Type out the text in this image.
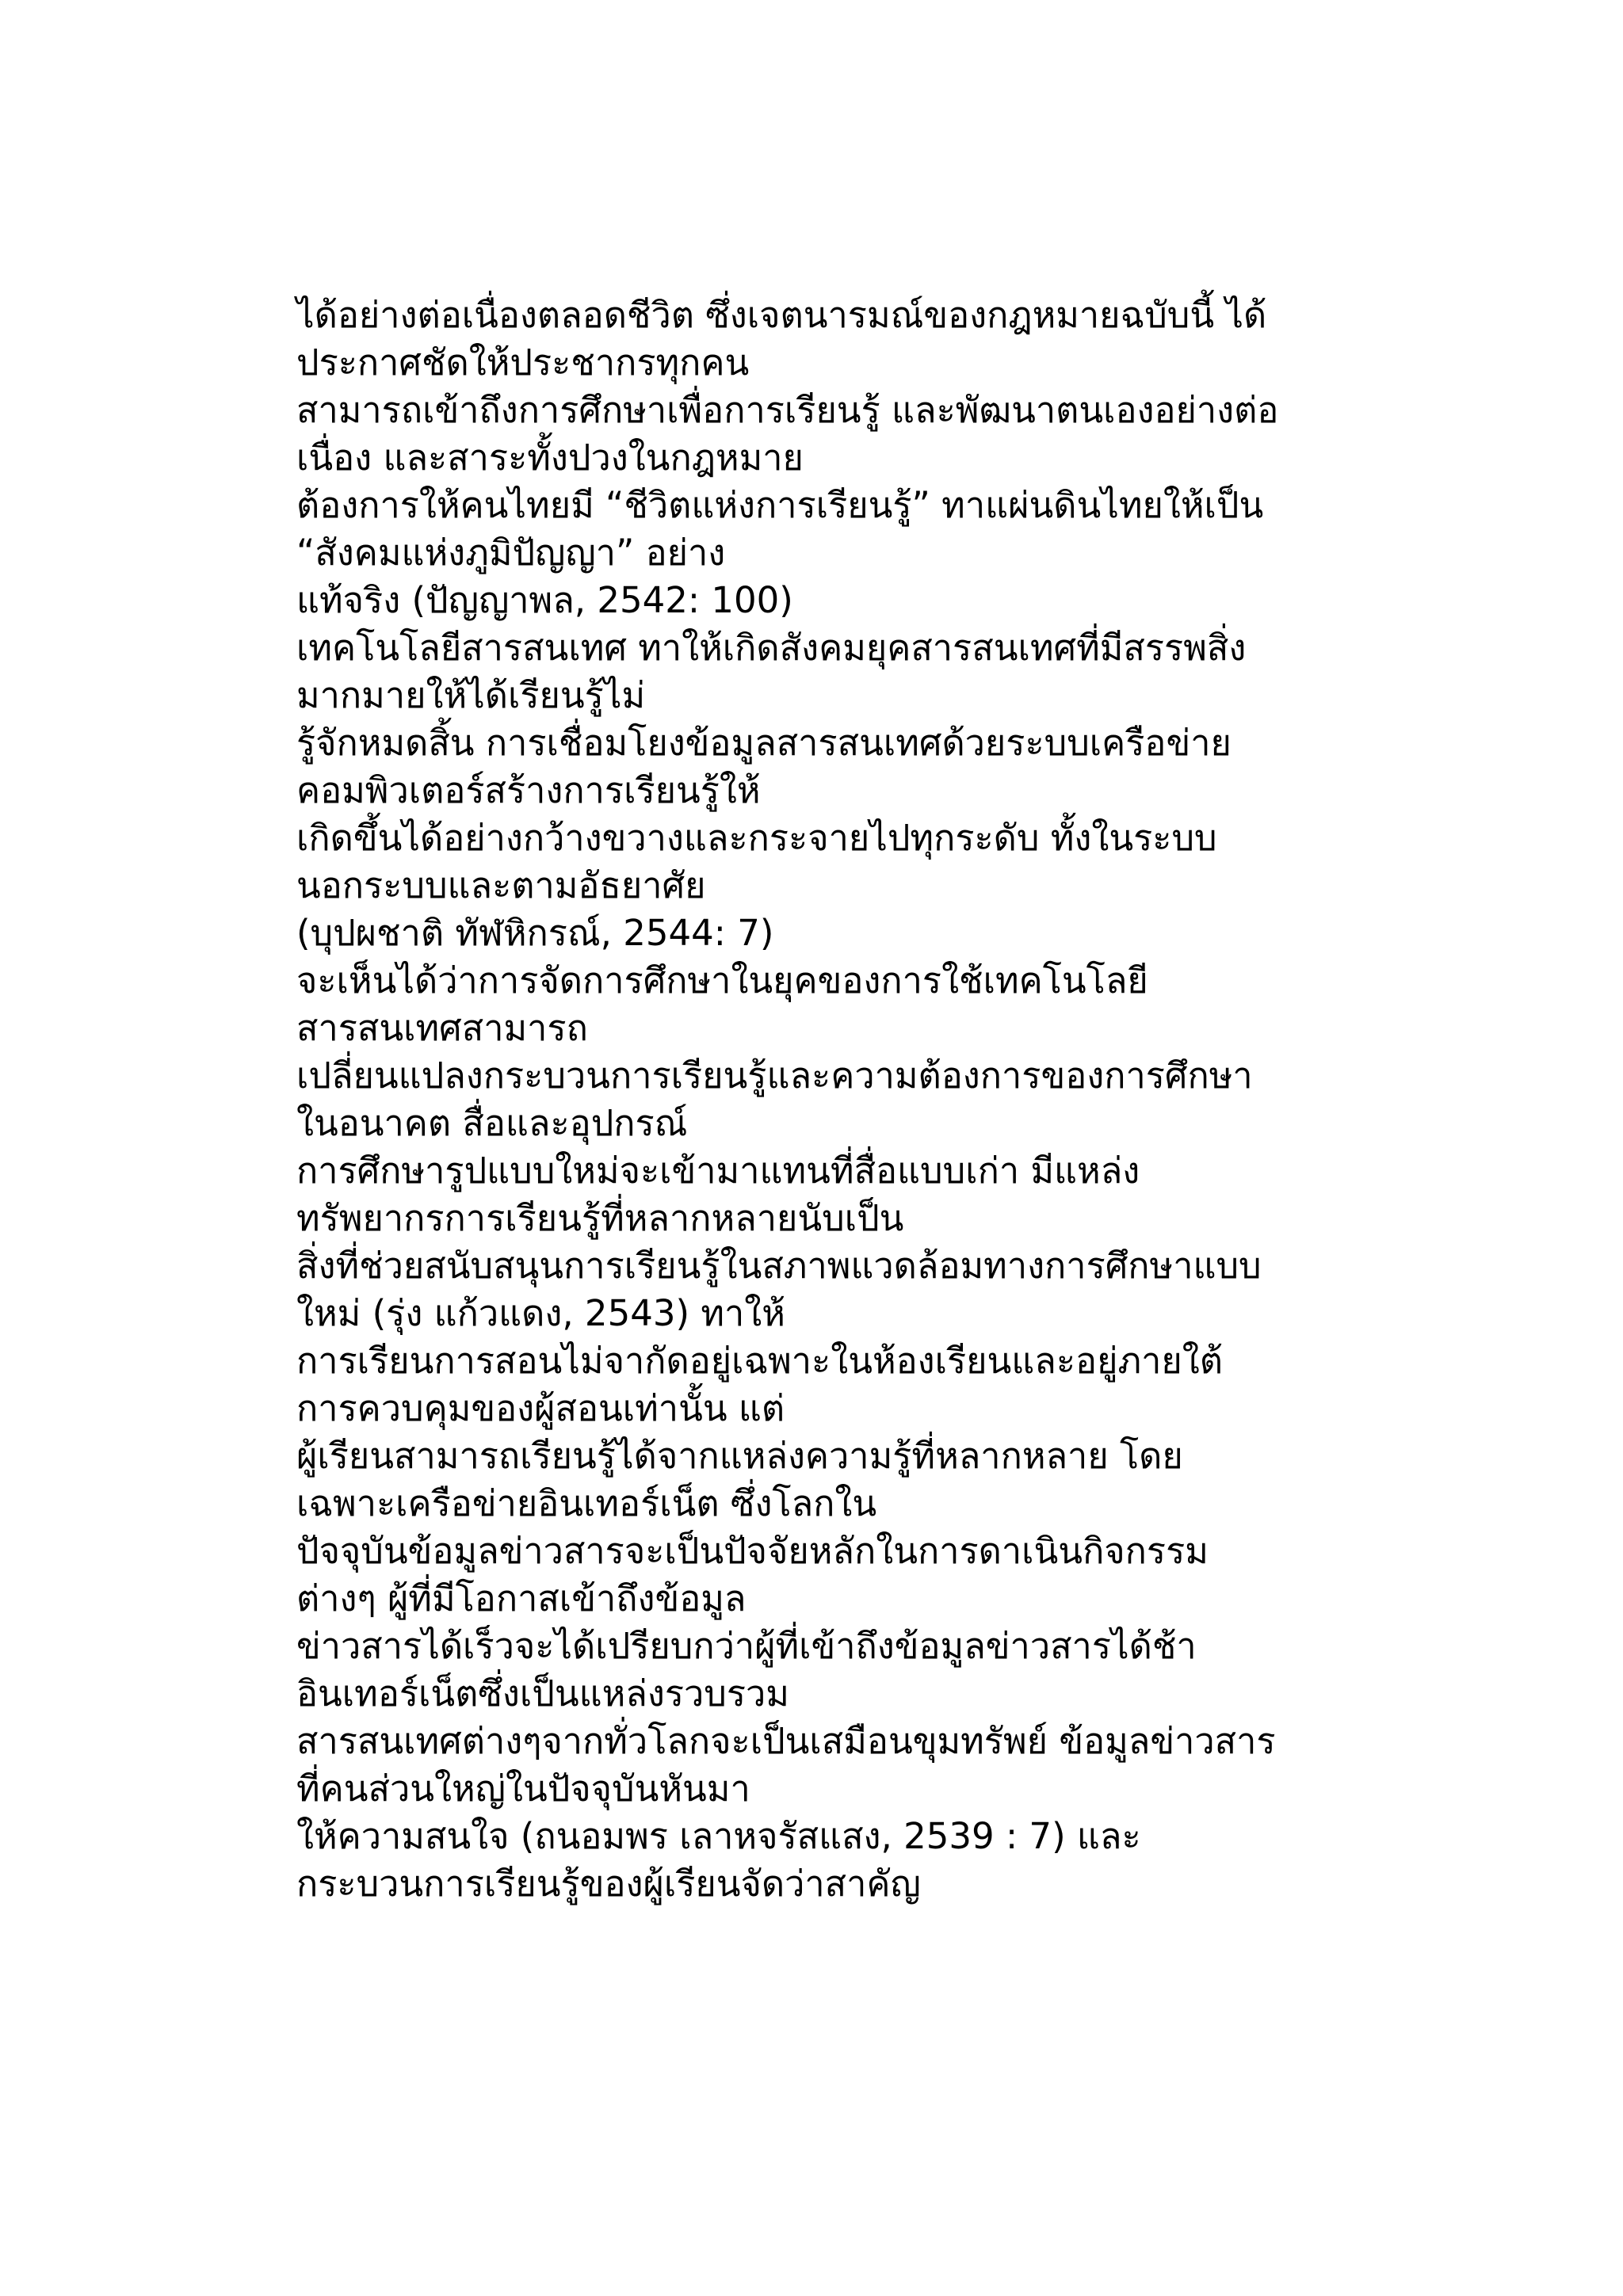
ได้อย่างต่อเนื่องตลอดชีวิต ซึ่งเจตนารมณ์ของกฎหมายฉบับนี้ ได้
ประกาศชัดให้ประชากรทุกคน
สามารถเข้าถึงการศึกษาเพื่อการเรียนรู้ และพัฒนาตนเองอย่างต่อ
เนื่อง และสาระทั้งปวงในกฎหมาย
ต้องการให้คนไทยมี “ชีวิตแห่งการเรียนรู้” ทาแผ่นดินไทยให้เป็น
“สังคมแห่งภูมิปัญญา” อย่าง
แท้จริง (ปัญญาพล, 2542: 100)
เทคโนโลยีสารสนเทศ ทาให้เกิดสังคมยุคสารสนเทศที่มีสรรพสิ่ง
มากมายให้ได้เรียนรู้ไม่
รู้จักหมดสิ้น การเชื่อมโยงข้อมูลสารสนเทศด้วยระบบเครือข่าย
คอมพิวเตอร์สร้างการเรียนรู้ให้
เกิดขึ้นได้อย่างกว้างขวางและกระจายไปทุกระดับ ทั้งในระบบ
นอกระบบและตามอัธยาศัย
(บุปผชาติ ทัฬหิกรณ์, 2544: 7)
จะเห็นได้ว่าการจัดการศึกษาในยุคของการใช้เทคโนโลยี
สารสนเทศสามารถ
เปลี่ยนแปลงกระบวนการเรียนรู้และความต้องการของการศึกษา
ในอนาคต สื่อและอุปกรณ์
การศึกษารูปแบบใหม่จะเข้ามาแทนที่สื่อแบบเก่า มีแหล่ง
ทรัพยากรการเรียนรู้ที่หลากหลายนับเป็น
สิ่งที่ช่วยสนับสนุนการเรียนรู้ในสภาพแวดล้อมทางการศึกษาแบบ
ใหม่ (รุ่ง แก้วแดง, 2543) ทาให้
การเรียนการสอนไม่จากัดอยู่เฉพาะในห้องเรียนและอยู่ภายใต้
การควบคุมของผู้สอนเท่านั้น แต่
ผู้เรียนสามารถเรียนรู้ได้จากแหล่งความรู้ที่หลากหลาย โดย
เฉพาะเครือข่ายอินเทอร์เน็ต ซึ่งโลกใน
ปัจจุบันข้อมูลข่าวสารจะเป็นปัจจัยหลักในการดาเนินกิจกรรม
ต่างๆ ผู้ที่มีโอกาสเข้าถึงข้อมูล
ข่าวสารได้เร็วจะได้เปรียบกว่าผู้ที่เข้าถึงข้อมูลข่าวสารได้ช้า
อินเทอร์เน็ตซึ่งเป็นแหล่งรวบรวม
สารสนเทศต่างๆจากทั่วโลกจะเป็นเสมือนขุมทรัพย์ ข้อมูลข่าวสาร
ที่คนส่วนใหญ่ในปัจจุบันหันมา
ให้ความสนใจ (ถนอมพร เลาหจรัสแสง, 2539 : 7) และ
กระบวนการเรียนรู้ของผู้เรียนจัดว่าสาคัญ
